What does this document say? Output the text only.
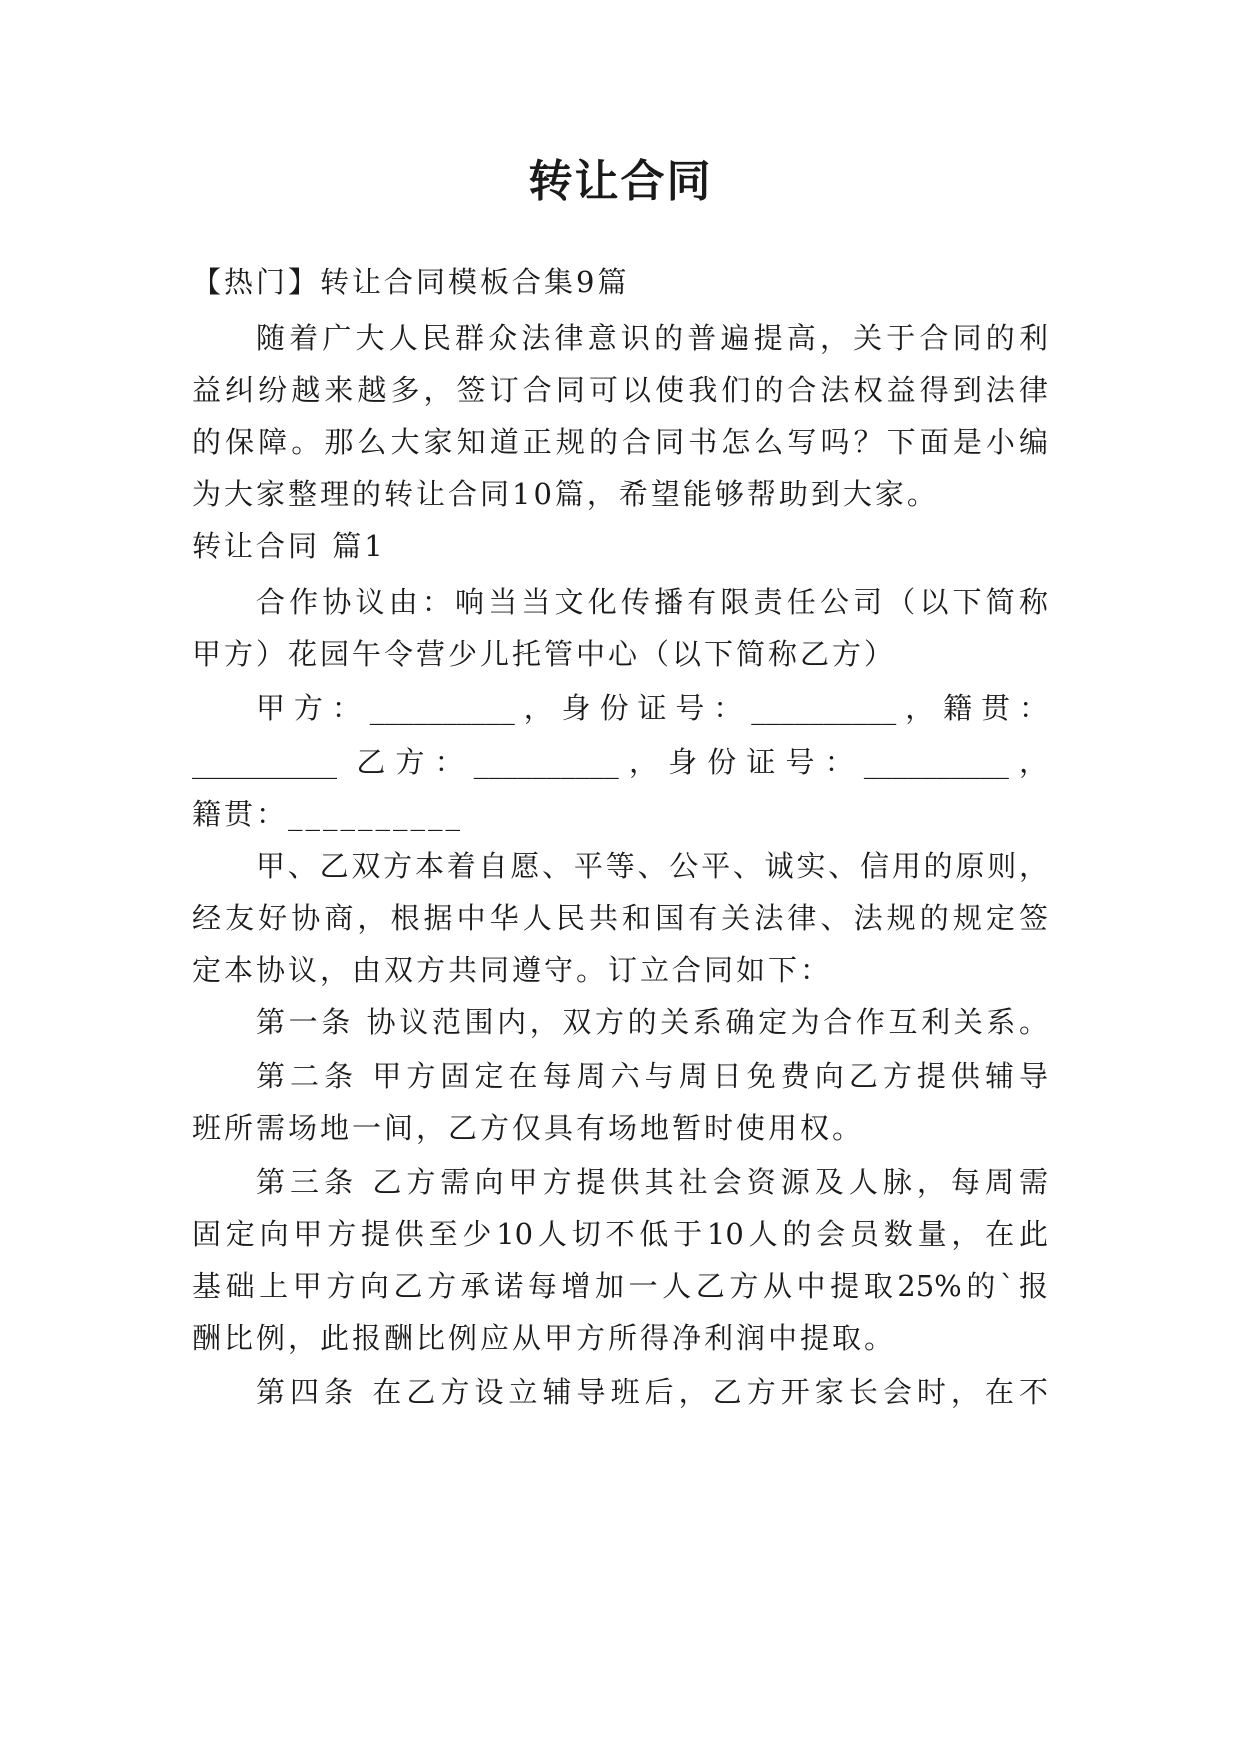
转让合同
【热门】转让合同模板合集9篇
随着广大人民群众法律意识的普遍提高，关于合同的利
益纠纷越来越多，签订合同可以使我们的合法权益得到法律
的保障。那么大家知道正规的合同书怎么写吗？下面是小编
为大家整理的转让合同10篇，希望能够帮助到大家。
转让合同 篇1
合作协议由：响当当文化传播有限责任公司（以下简称
甲方）花园午令营少儿托管中心（以下简称乙方）
甲方：__________，身份证号：__________，籍贯：
__________ 乙方：__________，身份证号：__________，
籍贯：__________
甲、乙双方本着自愿、平等、公平、诚实、信用的原则，
经友好协商，根据中华人民共和国有关法律、法规的规定签
定本协议，由双方共同遵守。订立合同如下：
第一条 协议范围内，双方的关系确定为合作互利关系。
第二条 甲方固定在每周六与周日免费向乙方提供辅导
班所需场地一间，乙方仅具有场地暂时使用权。
第三条 乙方需向甲方提供其社会资源及人脉，每周需
固定向甲方提供至少10人切不低于10人的会员数量，在此
基础上甲方向乙方承诺每增加一人乙方从中提取25%的`报
酬比例，此报酬比例应从甲方所得净利润中提取。
第四条 在乙方设立辅导班后，乙方开家长会时，在不
